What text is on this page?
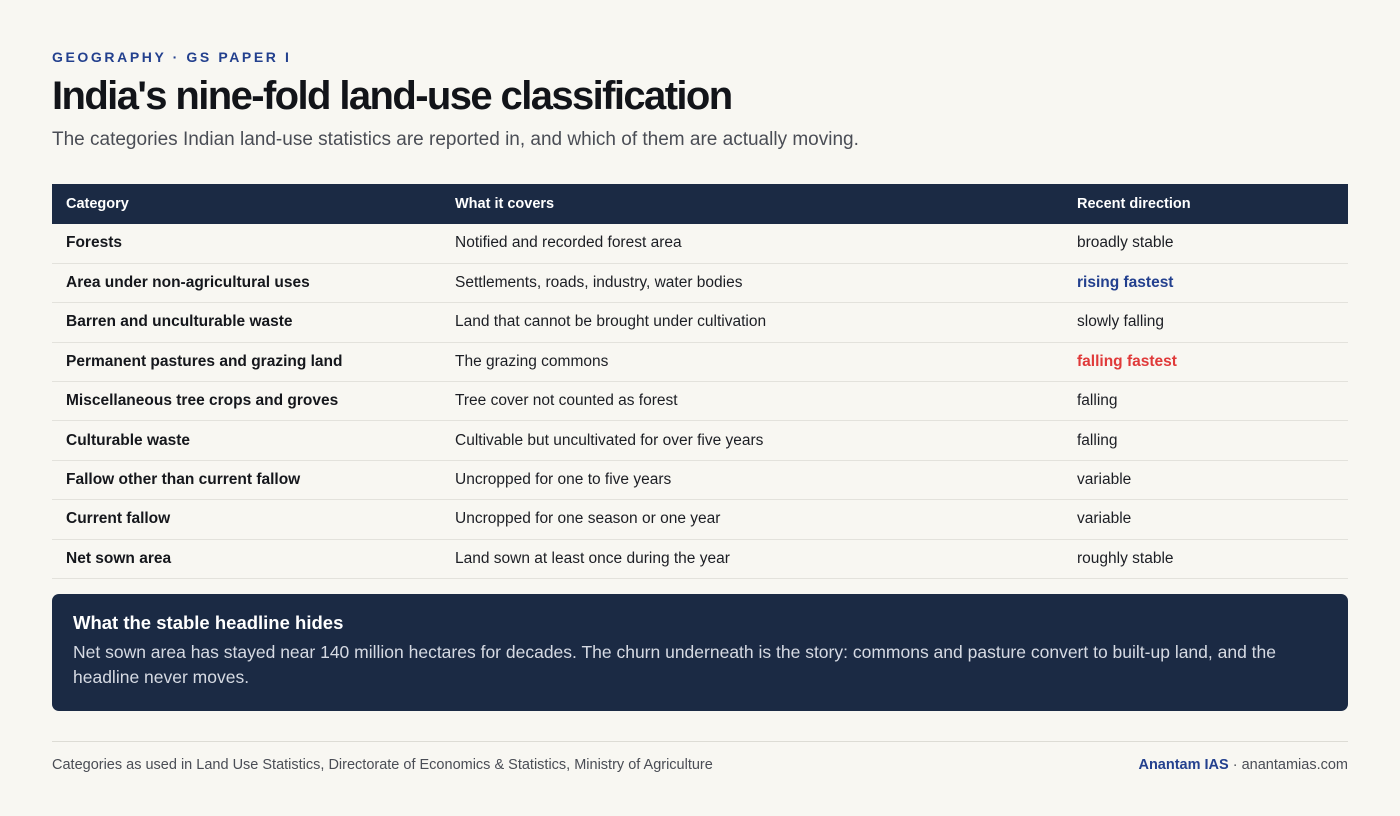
GEOGRAPHY · GS PAPER I
India's nine-fold land-use classification

The categories Indian land-use statistics are reported in, and which of them are actually moving.

Category	What it covers	Recent direction
Forests	Notified and recorded forest area	broadly stable
Area under non-agricultural uses	Settlements, roads, industry, water bodies	rising fastest
Barren and unculturable waste	Land that cannot be brought under cultivation	slowly falling
Permanent pastures and grazing land	The grazing commons	falling fastest
Miscellaneous tree crops and groves	Tree cover not counted as forest	falling
Culturable waste	Cultivable but uncultivated for over five years	falling
Fallow other than current fallow	Uncropped for one to five years	variable
Current fallow	Uncropped for one season or one year	variable
Net sown area	Land sown at least once during the year	roughly stable
What the stable headline hides
Net sown area has stayed near 140 million hectares for decades. The churn underneath is the story: commons and pasture convert to built-up land, and the headline never moves.
Categories as used in Land Use Statistics, Directorate of Economics & Statistics, Ministry of Agriculture	Anantam IAS · anantamias.com
